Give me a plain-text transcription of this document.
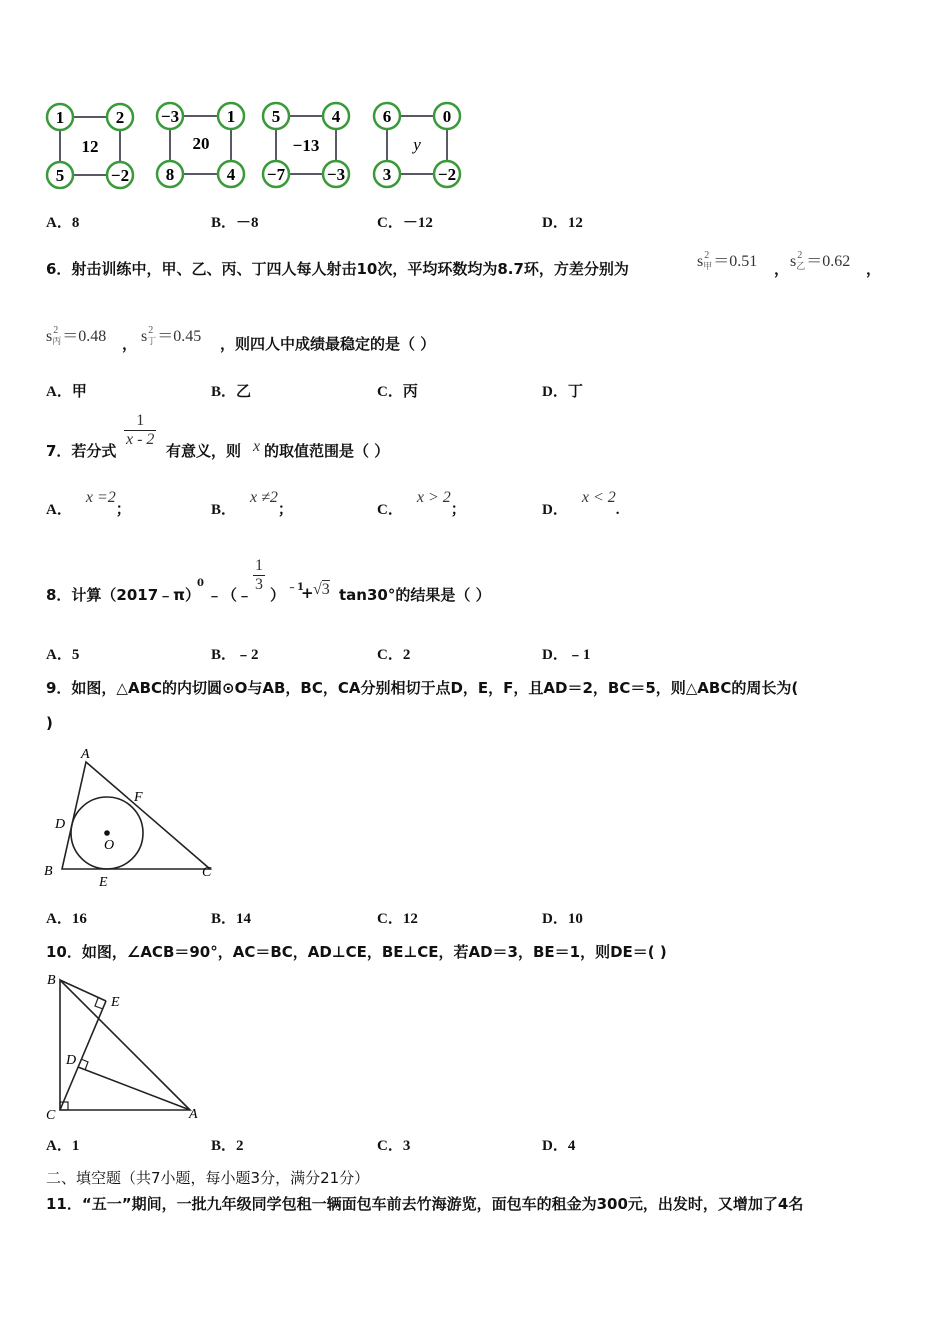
1	2
5	−2
12
−3	1
8	4
20
5	4
−7 −3
−13
6	0
3	−2
y
A．8	B．－8	C．－12	D．12
6．射击训练中，甲、乙、丙、丁四人每人射击10次，平均环数均为8.7环，方差分别为	$s_甲^2 =0.51$ ， $s_乙^2 =0.62$ ，
$s_丙^2 =0.48$ ， $s_丁^2 =0.45$ ，则四人中成绩最稳定的是（ ）
A．甲	B．乙	C．丙	D．丁
7．若分式
$\frac{1}{x - 2}$
有意义，则 x 的取值范围是（ ）
A．x =2；	B．x ≠2；	C．x > 2；	D．x < 2.
8．计算（2017﹣π）
0
﹣（﹣
$\frac{1}{3}$
） ﹣1
+ √3 tan30°的结果是（ ）
A．5	B．﹣2	C．2	D．﹣1
9．如图，△ABC的内切圆⊙O与AB，BC，CA分别相切于点D，E，F，且AD＝2，BC＝5，则△ABC的周长为(
)
A
B	C
D
E
F
O
A．16	B．14	C．12	D．10
10．如图，∠ACB＝90°，AC＝BC，AD⊥CE，BE⊥CE，若AD＝3，BE＝1，则DE＝( )
B
C	A
D
E
A．1	B．2	C．3	D．4
二、填空题（共7小题，每小题3分，满分21分）
11．“五一”期间，一批九年级同学包租一辆面包车前去竹海游览，面包车的租金为300元，出发时，又增加了4名
